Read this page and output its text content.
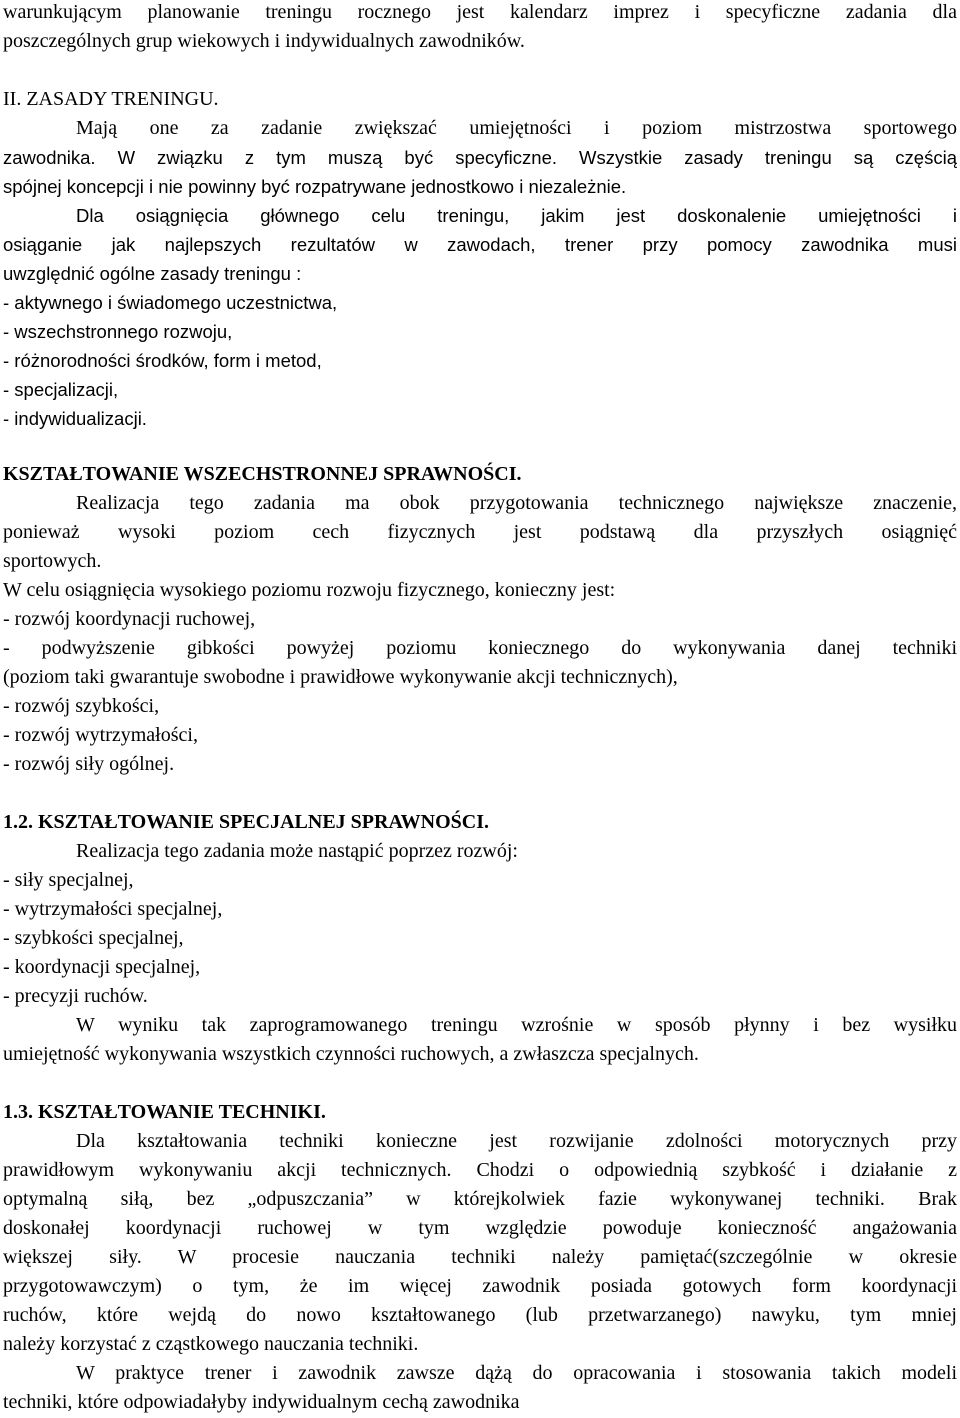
warunkującym planowanie treningu rocznego jest kalendarz imprez i specyficzne zadania dla
poszczególnych grup wiekowych i indywidualnych zawodników.
II. ZASADY TRENINGU.
Mają one za zadanie zwiększać umiejętności i poziom mistrzostwa sportowego
zawodnika. W związku z tym muszą być specyficzne. Wszystkie zasady treningu są częścią
spójnej koncepcji i nie powinny być rozpatrywane jednostkowo i niezależnie.
Dla osiągnięcia głównego celu treningu, jakim jest doskonalenie umiejętności i
osiąganie jak najlepszych rezultatów w zawodach, trener przy pomocy zawodnika musi
uwzględnić ogólne zasady treningu :
- aktywnego i świadomego uczestnictwa,
- wszechstronnego rozwoju,
- różnorodności środków, form i metod,
- specjalizacji,
- indywidualizacji.
KSZTAŁTOWANIE WSZECHSTRONNEJ SPRAWNOŚCI.
Realizacja tego zadania ma obok przygotowania technicznego największe znaczenie,
ponieważ wysoki poziom cech fizycznych jest podstawą dla przyszłych osiągnięć
sportowych.
W celu osiągnięcia wysokiego poziomu rozwoju fizycznego, konieczny jest:
- rozwój koordynacji ruchowej,
- podwyższenie gibkości powyżej poziomu koniecznego do wykonywania danej techniki
(poziom taki gwarantuje swobodne i prawidłowe wykonywanie akcji technicznych),
- rozwój szybkości,
- rozwój wytrzymałości,
- rozwój siły ogólnej.
1.2. KSZTAŁTOWANIE SPECJALNEJ SPRAWNOŚCI.
Realizacja tego zadania może nastąpić poprzez rozwój:
- siły specjalnej,
- wytrzymałości specjalnej,
- szybkości specjalnej,
- koordynacji specjalnej,
- precyzji ruchów.
W wyniku tak zaprogramowanego treningu wzrośnie w sposób płynny i bez wysiłku
umiejętność wykonywania wszystkich czynności ruchowych, a zwłaszcza specjalnych.
1.3. KSZTAŁTOWANIE TECHNIKI.
Dla kształtowania techniki konieczne jest rozwijanie zdolności motorycznych przy
prawidłowym wykonywaniu akcji technicznych. Chodzi o odpowiednią szybkość i działanie z
optymalną siłą, bez „odpuszczania” w którejkolwiek fazie wykonywanej techniki. Brak
doskonałej koordynacji ruchowej w tym względzie powoduje konieczność angażowania
większej siły. W procesie nauczania techniki należy pamiętać(szczególnie w okresie
przygotowawczym) o tym, że im więcej zawodnik posiada gotowych form koordynacji
ruchów, które wejdą do nowo kształtowanego (lub przetwarzanego) nawyku, tym mniej
należy korzystać z cząstkowego nauczania techniki.
W praktyce trener i zawodnik zawsze dążą do opracowania i stosowania takich modeli
techniki, które odpowiadałyby indywidualnym cechą zawodnika
